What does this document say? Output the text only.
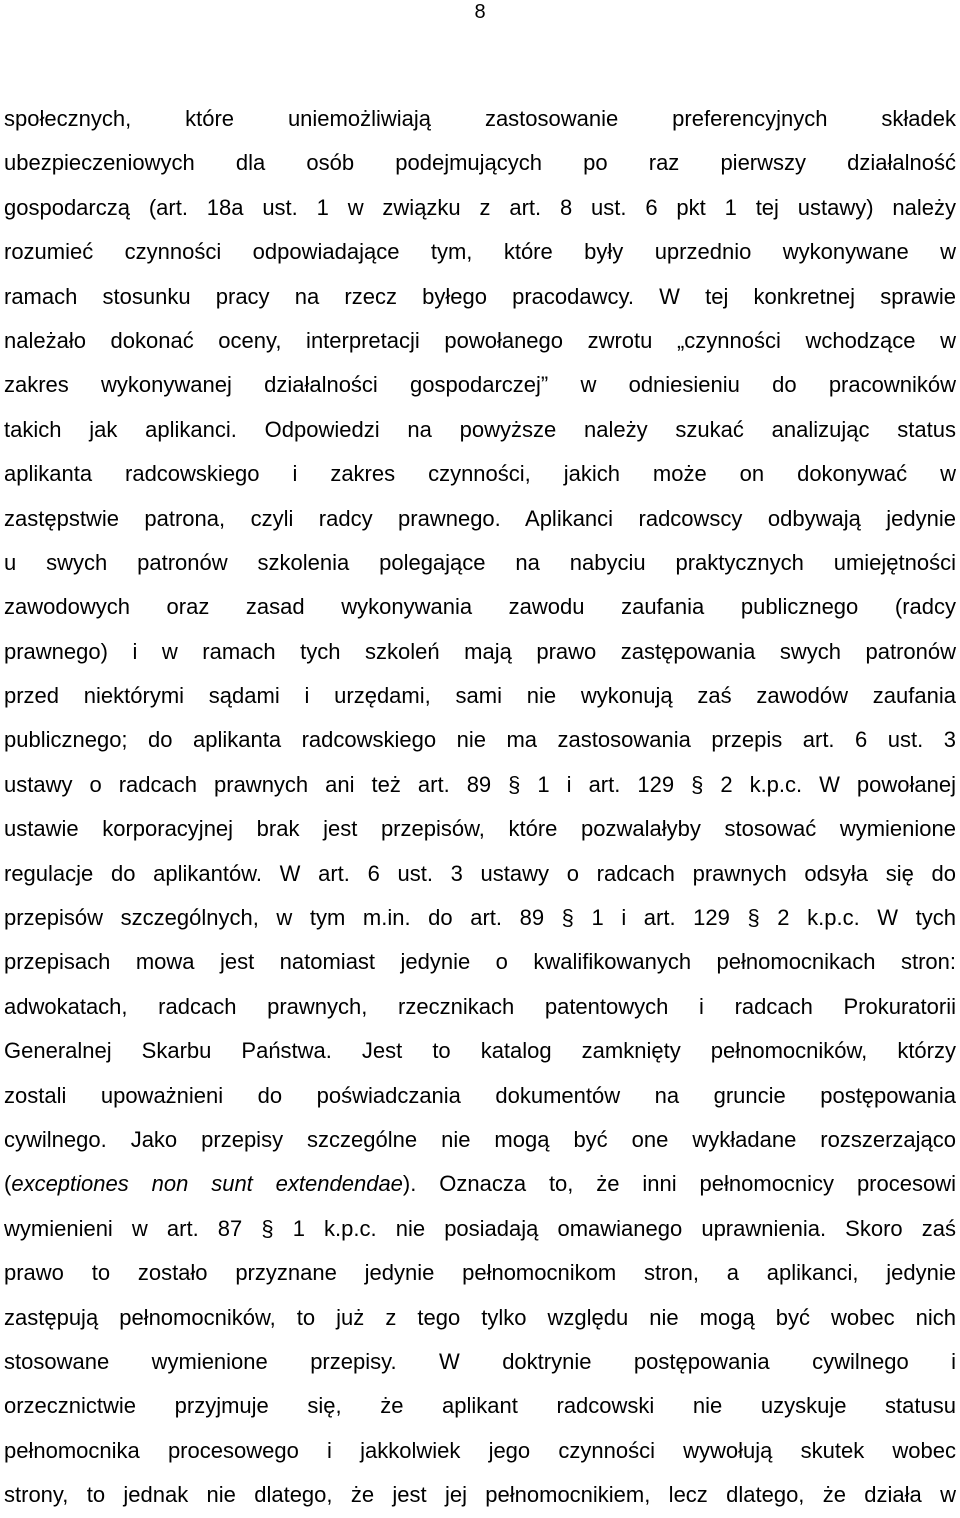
8
społecznych, które uniemożliwiają zastosowanie preferencyjnych składek
ubezpieczeniowych dla osób podejmujących po raz pierwszy działalność
gospodarczą (art. 18a ust. 1 w związku z art. 8 ust. 6 pkt 1 tej ustawy) należy
rozumieć czynności odpowiadające tym, które były uprzednio wykonywane w
ramach stosunku pracy na rzecz byłego pracodawcy. W tej konkretnej sprawie
należało dokonać oceny, interpretacji powołanego zwrotu „czynności wchodzące w
zakres wykonywanej działalności gospodarczej” w odniesieniu do pracowników
takich jak aplikanci. Odpowiedzi na powyższe należy szukać analizując status
aplikanta radcowskiego i zakres czynności, jakich może on dokonywać w
zastępstwie patrona, czyli radcy prawnego. Aplikanci radcowscy odbywają jedynie
u swych patronów szkolenia polegające na nabyciu praktycznych umiejętności
zawodowych oraz zasad wykonywania zawodu zaufania publicznego (radcy
prawnego) i w ramach tych szkoleń mają prawo zastępowania swych patronów
przed niektórymi sądami i urzędami, sami nie wykonują zaś zawodów zaufania
publicznego; do aplikanta radcowskiego nie ma zastosowania przepis art. 6 ust. 3
ustawy o radcach prawnych ani też art. 89 § 1 i art. 129 § 2 k.p.c. W powołanej
ustawie korporacyjnej brak jest przepisów, które pozwalałyby stosować wymienione
regulacje do aplikantów. W art. 6 ust. 3 ustawy o radcach prawnych odsyła się do
przepisów szczególnych, w tym m.in. do art. 89 § 1 i art. 129 § 2 k.p.c. W tych
przepisach mowa jest natomiast jedynie o kwalifikowanych pełnomocnikach stron:
adwokatach, radcach prawnych, rzecznikach patentowych i radcach Prokuratorii
Generalnej Skarbu Państwa. Jest to katalog zamknięty pełnomocników, którzy
zostali upoważnieni do poświadczania dokumentów na gruncie postępowania
cywilnego. Jako przepisy szczególne nie mogą być one wykładane rozszerzająco
(exceptiones non sunt extendendae). Oznacza to, że inni pełnomocnicy procesowi
wymienieni w art. 87 § 1 k.p.c. nie posiadają omawianego uprawnienia. Skoro zaś
prawo to zostało przyznane jedynie pełnomocnikom stron, a aplikanci, jedynie
zastępują pełnomocników, to już z tego tylko względu nie mogą być wobec nich
stosowane wymienione przepisy. W doktrynie postępowania cywilnego i
orzecznictwie przyjmuje się, że aplikant radcowski nie uzyskuje statusu
pełnomocnika procesowego i jakkolwiek jego czynności wywołują skutek wobec
strony, to jednak nie dlatego, że jest jej pełnomocnikiem, lecz dlatego, że działa w
